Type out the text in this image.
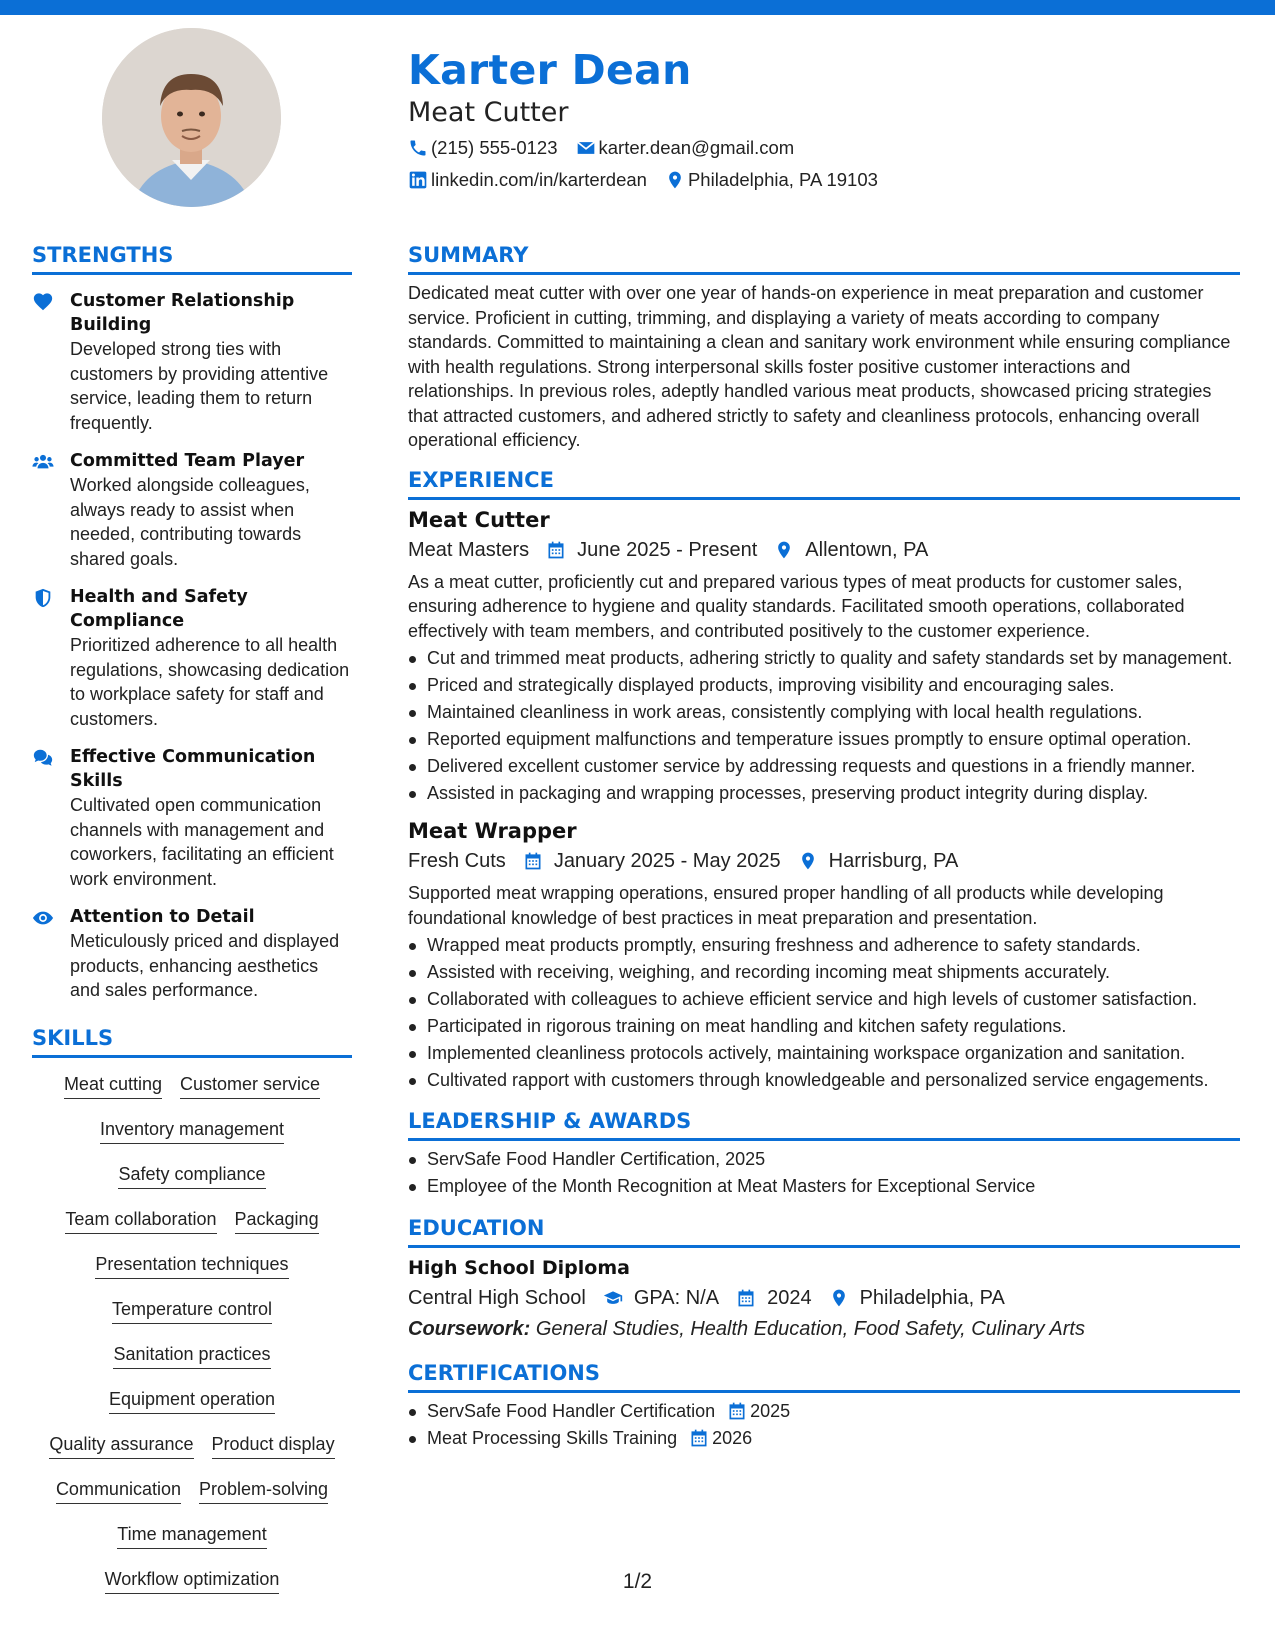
Karter Dean
Meat Cutter
(215) 555-0123 karter.dean@gmail.com
linkedin.com/in/karterdean Philadelphia, PA 19103
STRENGTHS
Customer Relationship Building
Developed strong ties with customers by providing attentive service, leading them to return frequently.
Committed Team Player
Worked alongside colleagues, always ready to assist when needed, contributing towards shared goals.
Health and Safety Compliance
Prioritized adherence to all health regulations, showcasing dedication to workplace safety for staff and customers.
Effective Communication Skills
Cultivated open communication channels with management and coworkers, facilitating an efficient work environment.
Attention to Detail
Meticulously priced and displayed products, enhancing aesthetics and sales performance.
SKILLS
Meat cutting Customer service
Inventory management
Safety compliance
Team collaboration Packaging
Presentation techniques
Temperature control
Sanitation practices
Equipment operation
Quality assurance Product display
Communication Problem-solving
Time management
Workflow optimization
SUMMARY
Dedicated meat cutter with over one year of hands-on experience in meat preparation and customer service. Proficient in cutting, trimming, and displaying a variety of meats according to company standards. Committed to maintaining a clean and sanitary work environment while ensuring compliance with health regulations. Strong interpersonal skills foster positive customer interactions and relationships. In previous roles, adeptly handled various meat products, showcased pricing strategies that attracted customers, and adhered strictly to safety and cleanliness protocols, enhancing overall operational efficiency.
EXPERIENCE
Meat Cutter
Meat Masters June 2025 - Present Allentown, PA
As a meat cutter, proficiently cut and prepared various types of meat products for customer sales, ensuring adherence to hygiene and quality standards. Facilitated smooth operations, collaborated effectively with team members, and contributed positively to the customer experience.
Cut and trimmed meat products, adhering strictly to quality and safety standards set by management.
Priced and strategically displayed products, improving visibility and encouraging sales.
Maintained cleanliness in work areas, consistently complying with local health regulations.
Reported equipment malfunctions and temperature issues promptly to ensure optimal operation.
Delivered excellent customer service by addressing requests and questions in a friendly manner.
Assisted in packaging and wrapping processes, preserving product integrity during display.
Meat Wrapper
Fresh Cuts January 2025 - May 2025 Harrisburg, PA
Supported meat wrapping operations, ensured proper handling of all products while developing foundational knowledge of best practices in meat preparation and presentation.
Wrapped meat products promptly, ensuring freshness and adherence to safety standards.
Assisted with receiving, weighing, and recording incoming meat shipments accurately.
Collaborated with colleagues to achieve efficient service and high levels of customer satisfaction.
Participated in rigorous training on meat handling and kitchen safety regulations.
Implemented cleanliness protocols actively, maintaining workspace organization and sanitation.
Cultivated rapport with customers through knowledgeable and personalized service engagements.
LEADERSHIP & AWARDS
ServSafe Food Handler Certification, 2025
Employee of the Month Recognition at Meat Masters for Exceptional Service
EDUCATION
High School Diploma
Central High School GPA: N/A 2024 Philadelphia, PA
Coursework: General Studies, Health Education, Food Safety, Culinary Arts
CERTIFICATIONS
ServSafe Food Handler Certification 2025
Meat Processing Skills Training 2026
1/2
